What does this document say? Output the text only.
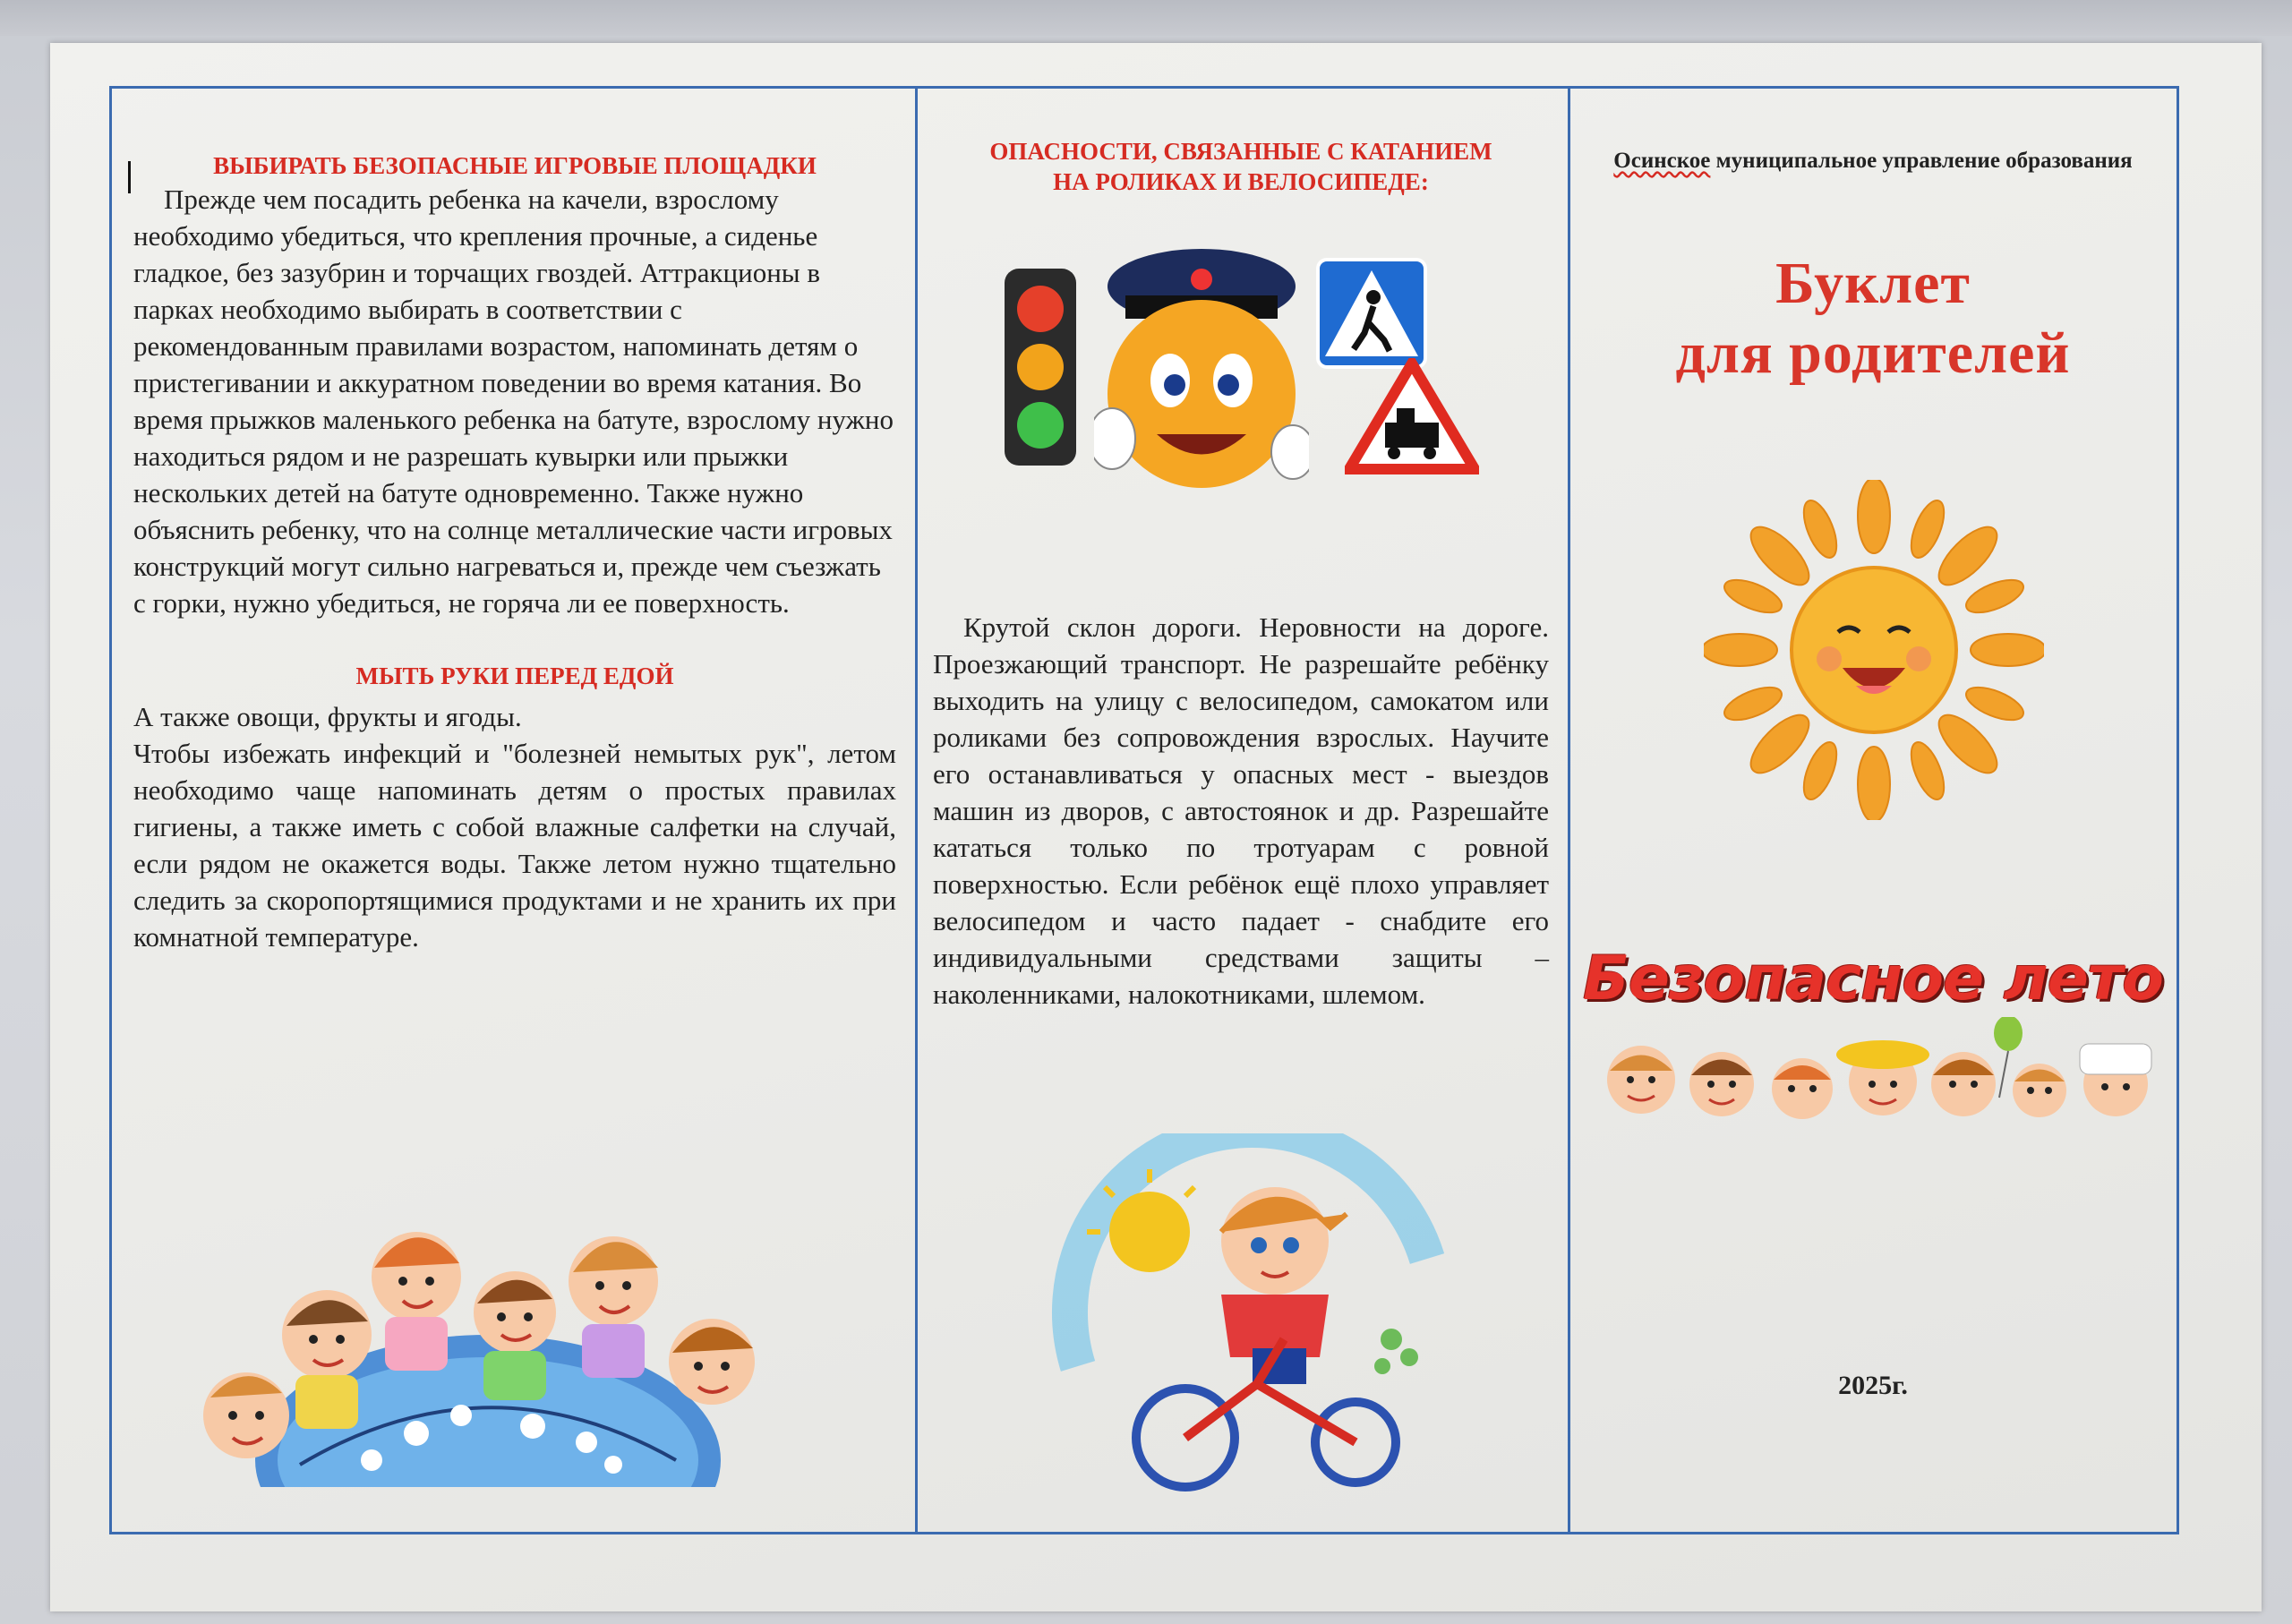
ВЫБИРАТЬ БЕЗОПАСНЫЕ ИГРОВЫЕ ПЛОЩАДКИ

Прежде чем посадить ребенка на качели, взрослому необходимо убедиться, что крепления прочные, а сиденье гладкое, без зазубрин и торчащих гвоздей. Аттракционы в парках необходимо выбирать в соответствии с рекомендованным правилами возрастом, напоминать детям о пристегивании и аккуратном поведении во время катания. Во время прыжков маленького ребенка на батуте, взрослому нужно находиться рядом и не разрешать кувырки или прыжки нескольких детей на батуте одновременно. Также нужно объяснить ребенку, что на солнце металлические части игровых конструкций могут сильно нагреваться и, прежде чем съезжать с горки, нужно убедиться, не горяча ли ее поверхность.

МЫТЬ РУКИ ПЕРЕД ЕДОЙ

А также овощи, фрукты и ягоды.

Чтобы избежать инфекций и "болезней немытых рук", летом необходимо чаще напоминать детям о простых правилах гигиены, а также иметь с собой влажные салфетки на случай, если рядом не окажется воды. Также летом нужно тщательно следить за скоропортящимися продуктами и не хранить их при комнатной температуре.

ОПАСНОСТИ, СВЯЗАННЫЕ С КАТАНИЕМ НА РОЛИКАХ И ВЕЛОСИПЕДЕ:

Крутой склон дороги. Неровности на дороге. Проезжающий транспорт. Не разрешайте ребёнку выходить на улицу с велосипедом, самокатом или роликами без сопровождения взрослых. Научите его останавливаться у опасных мест - выездов машин из дворов, с автостоянок и др. Разрешайте кататься только по тротуарам с ровной поверхностью. Если ребёнок ещё плохо управляет велосипедом и часто падает - снабдите его индивидуальными средствами защиты – наколенниками, налокотниками, шлемом.

Осинское муниципальное управление образования

Буклет

для родителей

Безопасное лето

2025г.
